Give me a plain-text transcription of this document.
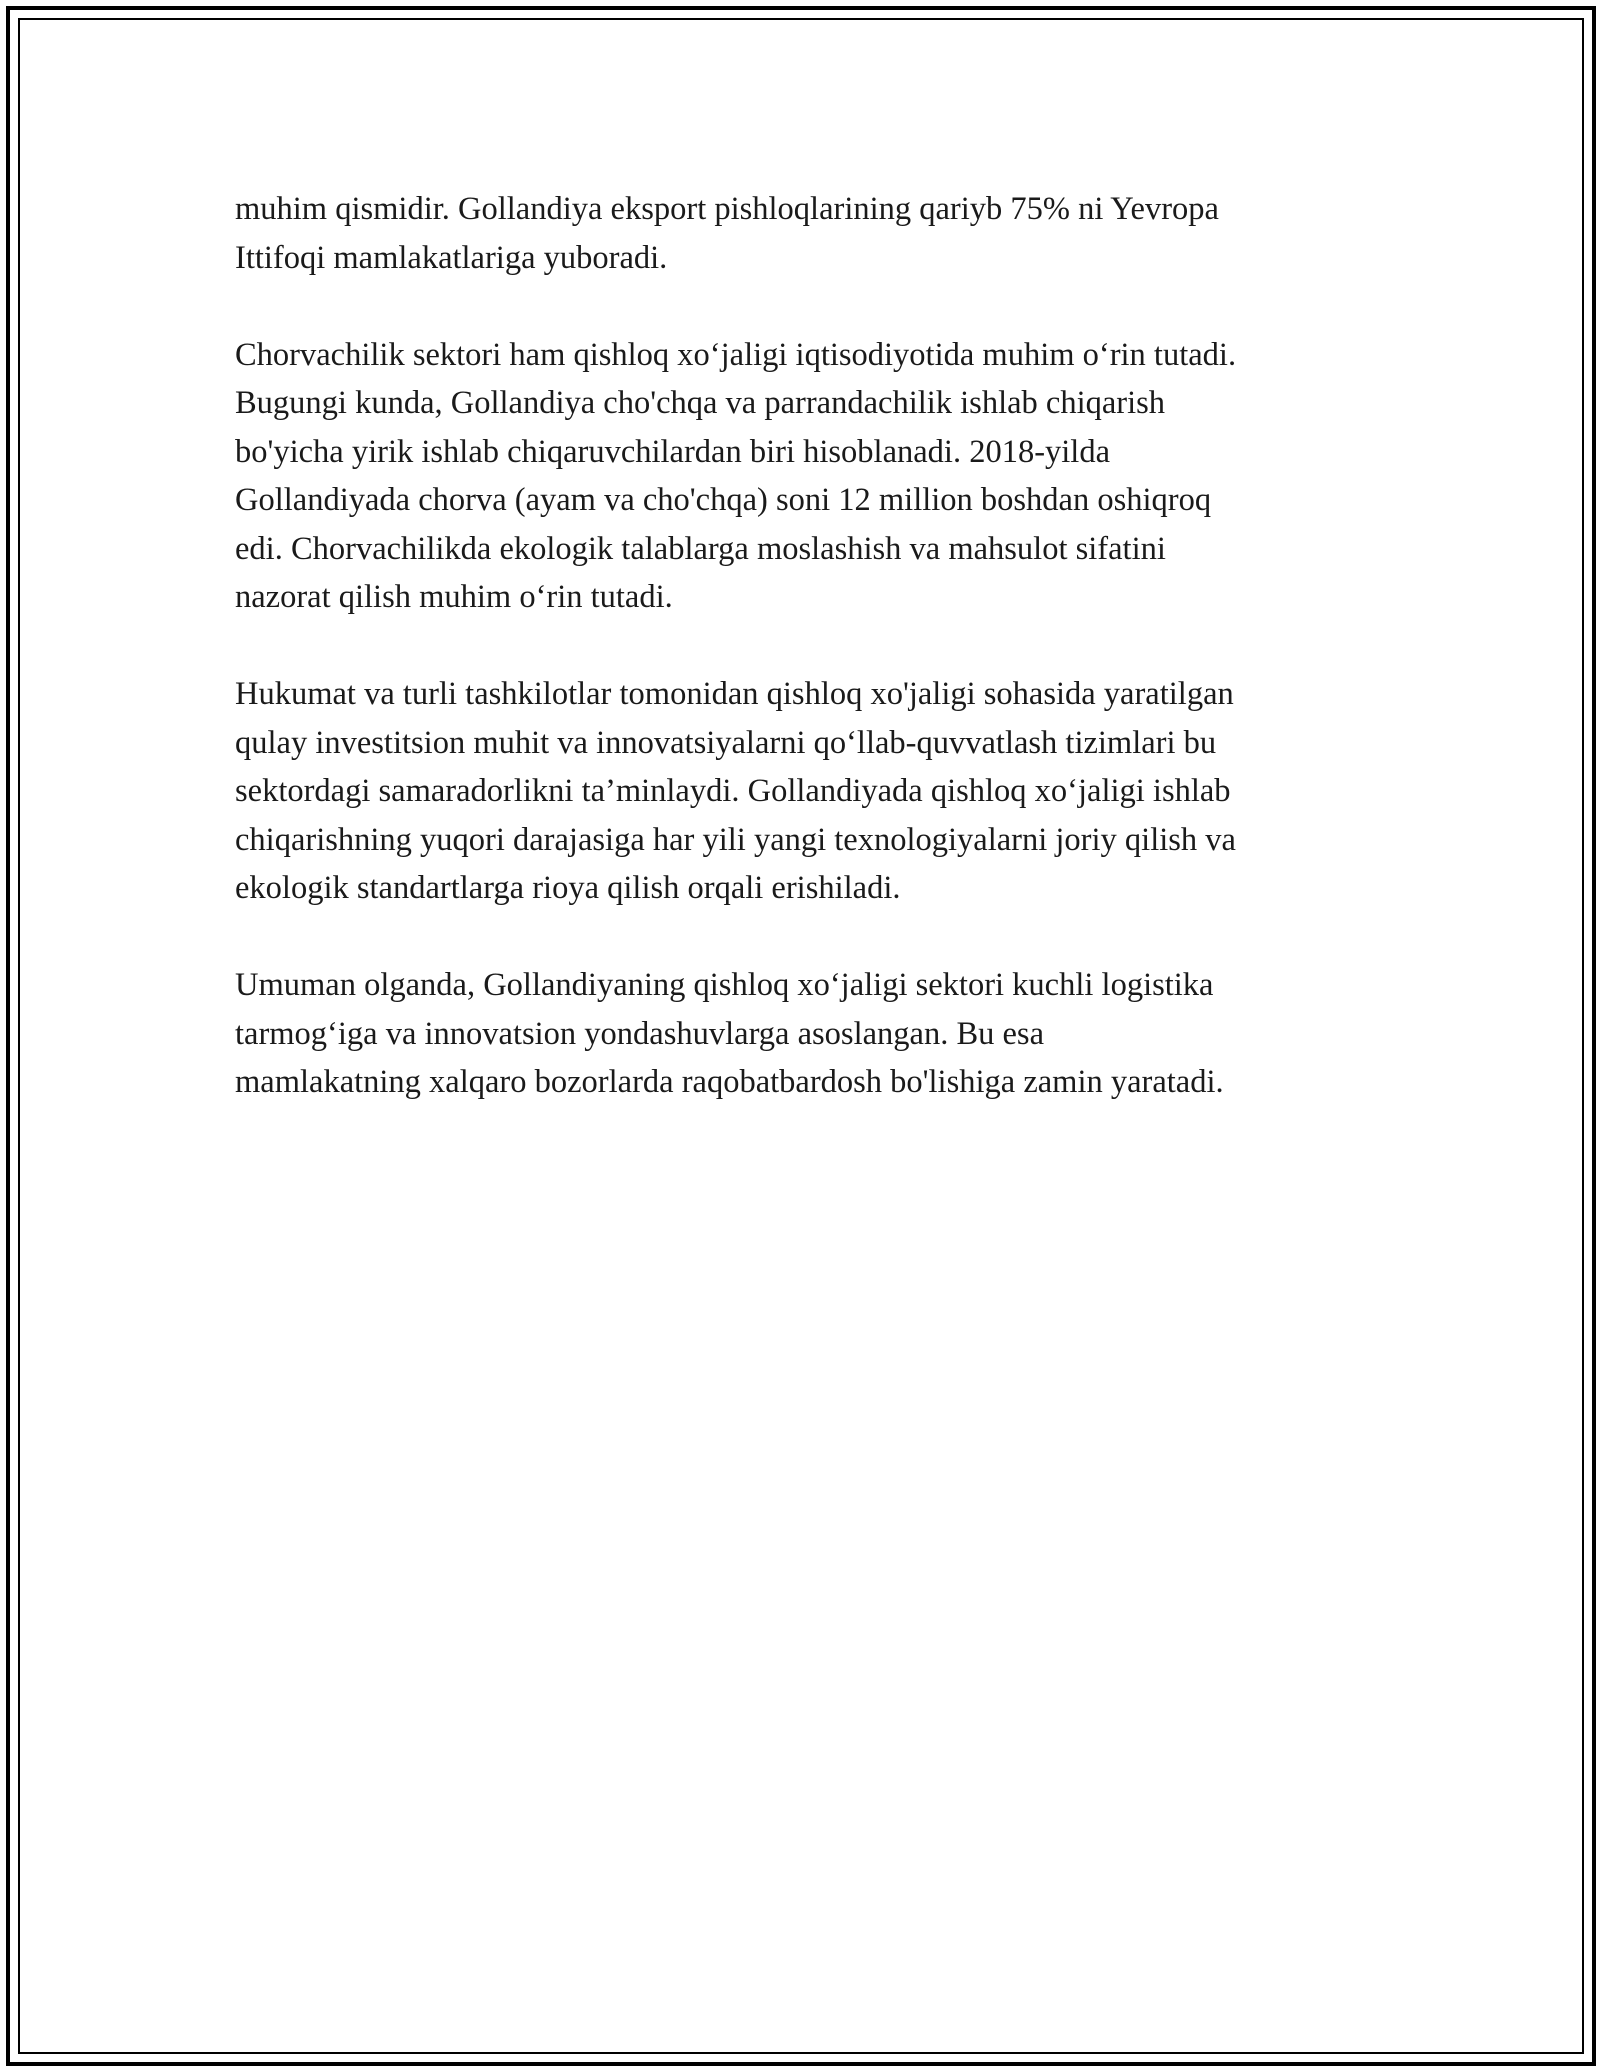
muhim qismidir. Gollandiya eksport pishloqlarining qariyb 75% ni Yevropa
Ittifoqi mamlakatlariga yuboradi.

Chorvachilik sektori ham qishloq xo‘jaligi iqtisodiyotida muhim o‘rin tutadi.
Bugungi kunda, Gollandiya cho'chqa va parrandachilik ishlab chiqarish
bo'yicha yirik ishlab chiqaruvchilardan biri hisoblanadi. 2018-yilda
Gollandiyada chorva (ayam va cho'chqa) soni 12 million boshdan oshiqroq
edi. Chorvachilikda ekologik talablarga moslashish va mahsulot sifatini
nazorat qilish muhim o‘rin tutadi.

Hukumat va turli tashkilotlar tomonidan qishloq xo'jaligi sohasida yaratilgan
qulay investitsion muhit va innovatsiyalarni qo‘llab-quvvatlash tizimlari bu
sektordagi samaradorlikni ta’minlaydi. Gollandiyada qishloq xo‘jaligi ishlab
chiqarishning yuqori darajasiga har yili yangi texnologiyalarni joriy qilish va
ekologik standartlarga rioya qilish orqali erishiladi.

Umuman olganda, Gollandiyaning qishloq xo‘jaligi sektori kuchli logistika
tarmog‘iga va innovatsion yondashuvlarga asoslangan. Bu esa
mamlakatning xalqaro bozorlarda raqobatbardosh bo'lishiga zamin yaratadi.
